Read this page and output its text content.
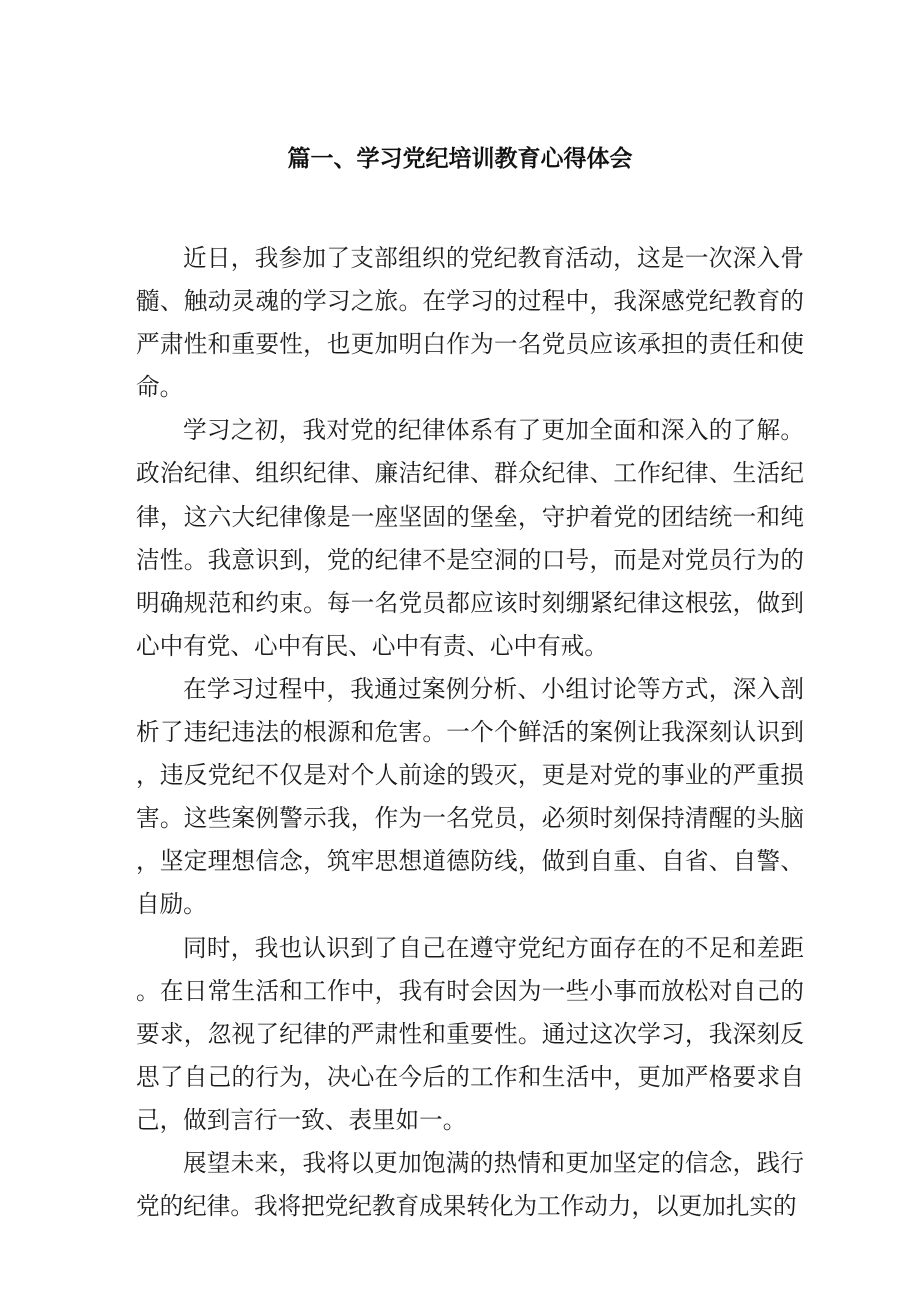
篇一、学习党纪培训教育心得体会

近日，我参加了支部组织的党纪教育活动，这是一次深入骨髓、触动灵魂的学习之旅。在学习的过程中，我深感党纪教育的严肃性和重要性，也更加明白作为一名党员应该承担的责任和使命。

学习之初，我对党的纪律体系有了更加全面和深入的了解。政治纪律、组织纪律、廉洁纪律、群众纪律、工作纪律、生活纪律，这六大纪律像是一座坚固的堡垒，守护着党的团结统一和纯洁性。我意识到，党的纪律不是空洞的口号，而是对党员行为的明确规范和约束。每一名党员都应该时刻绷紧纪律这根弦，做到心中有党、心中有民、心中有责、心中有戒。

在学习过程中，我通过案例分析、小组讨论等方式，深入剖析了违纪违法的根源和危害。一个个鲜活的案例让我深刻认识到，违反党纪不仅是对个人前途的毁灭，更是对党的事业的严重损害。这些案例警示我，作为一名党员，必须时刻保持清醒的头脑，坚定理想信念，筑牢思想道德防线，做到自重、自省、自警、自励。

同时，我也认识到了自己在遵守党纪方面存在的不足和差距。在日常生活和工作中，我有时会因为一些小事而放松对自己的要求，忽视了纪律的严肃性和重要性。通过这次学习，我深刻反思了自己的行为，决心在今后的工作和生活中，更加严格要求自己，做到言行一致、表里如一。

展望未来，我将以更加饱满的热情和更加坚定的信念，践行党的纪律。我将把党纪教育成果转化为工作动力，以更加扎实的
